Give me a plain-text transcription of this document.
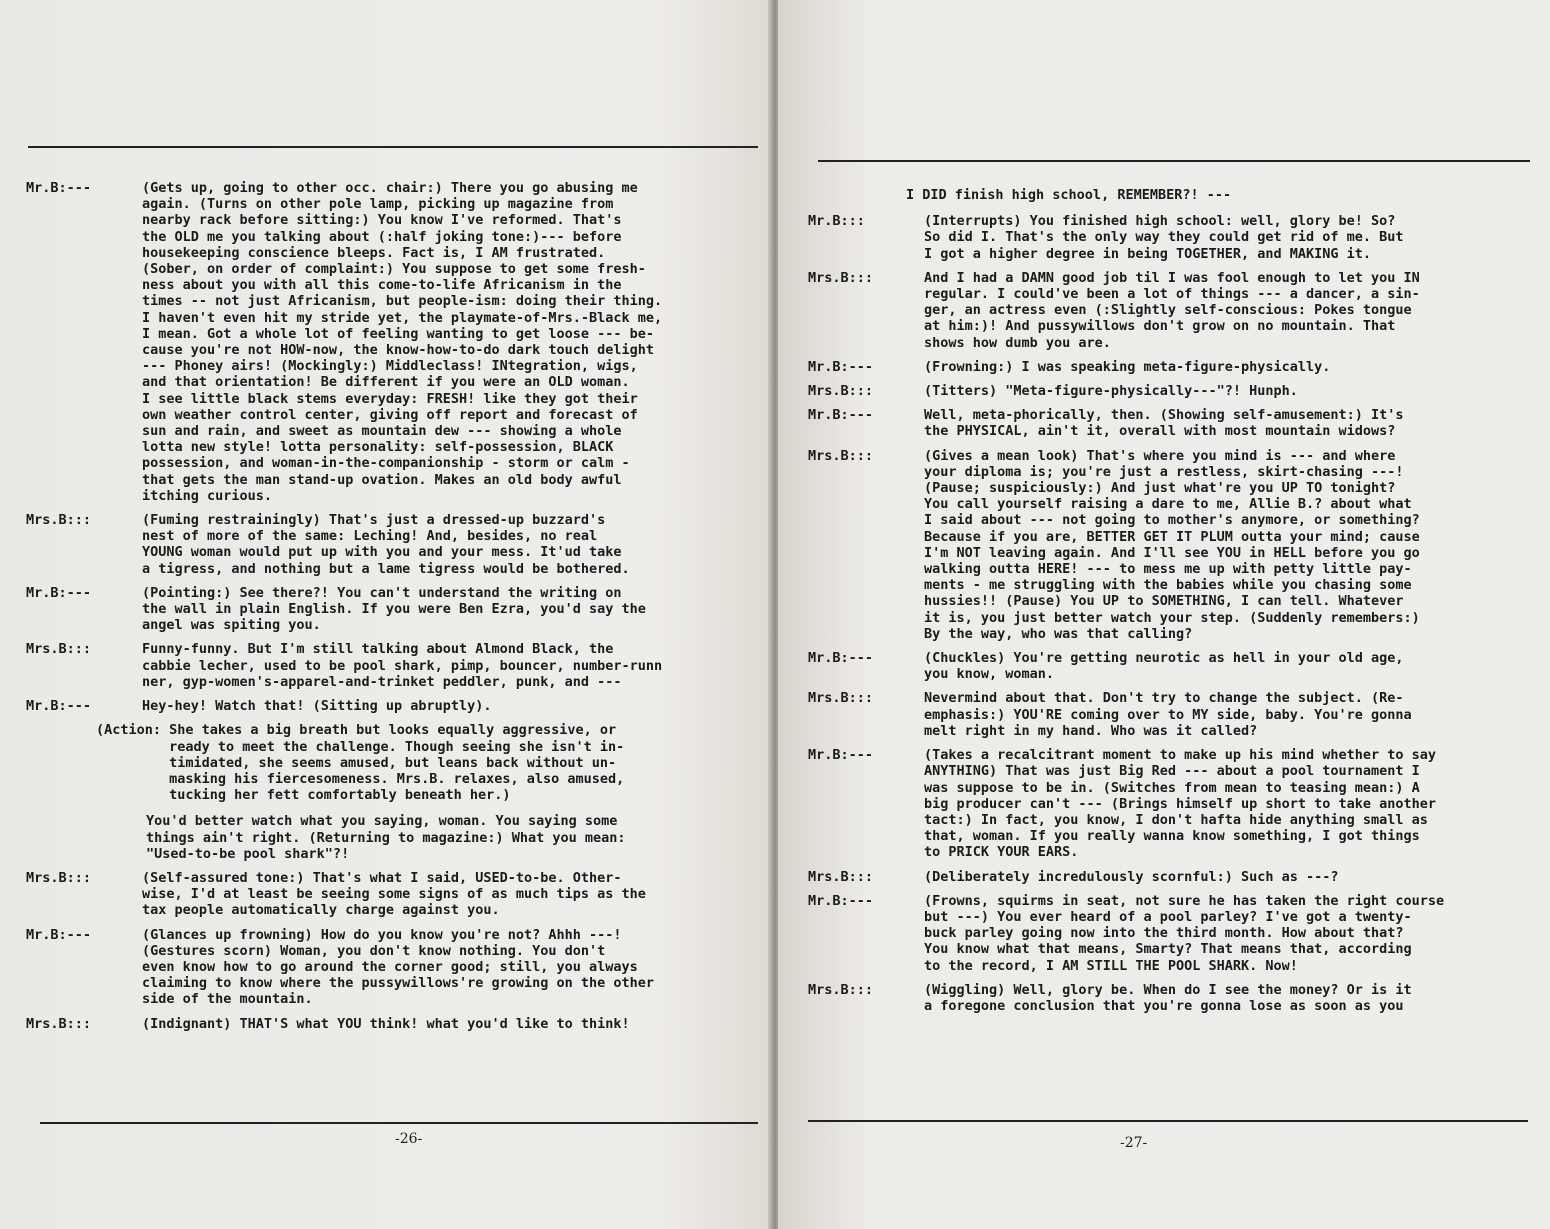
Mr.B:---	(Gets up, going to other occ. chair:) There you go abusing me
again. (Turns on other pole lamp, picking up magazine from
nearby rack before sitting:) You know I've reformed. That's
the OLD me you talking about (:half joking tone:)--- before
housekeeping conscience bleeps. Fact is, I AM frustrated.
(Sober, on order of complaint:) You suppose to get some fresh-
ness about you with all this come-to-life Africanism in the
times -- not just Africanism, but people-ism: doing their thing.
I haven't even hit my stride yet, the playmate-of-Mrs.-Black me,
I mean. Got a whole lot of feeling wanting to get loose --- be-
cause you're not HOW-now, the know-how-to-do dark touch delight
--- Phoney airs! (Mockingly:) Middleclass! INtegration, wigs,
and that orientation! Be different if you were an OLD woman.
I see little black stems everyday: FRESH! like they got their
own weather control center, giving off report and forecast of
sun and rain, and sweet as mountain dew --- showing a whole
lotta new style! lotta personality: self-possession, BLACK
possession, and woman-in-the-companionship - storm or calm -
that gets the man stand-up ovation. Makes an old body awful
itching curious.
Mrs.B:::	(Fuming restrainingly) That's just a dressed-up buzzard's
nest of more of the same: Leching! And, besides, no real
YOUNG woman would put up with you and your mess. It'ud take
a tigress, and nothing but a lame tigress would be bothered.
Mr.B:---	(Pointing:) See there?! You can't understand the writing on
the wall in plain English. If you were Ben Ezra, you'd say the
angel was spiting you.
Mrs.B:::	Funny-funny. But I'm still talking about Almond Black, the
cabbie lecher, used to be pool shark, pimp, bouncer, number-runn
ner, gyp-women's-apparel-and-trinket peddler, punk, and ---
Mr.B:---	Hey-hey! Watch that! (Sitting up abruptly).
(Action: She takes a big breath but looks equally aggressive, or
ready to meet the challenge. Though seeing she isn't in-
timidated, she seems amused, but leans back without un-
masking his fiercesomeness. Mrs.B. relaxes, also amused,
tucking her fett comfortably beneath her.)
You'd better watch what you saying, woman. You saying some
things ain't right. (Returning to magazine:) What you mean:
"Used-to-be pool shark"?!
Mrs.B:::	(Self-assured tone:) That's what I said, USED-to-be. Other-
wise, I'd at least be seeing some signs of as much tips as the
tax people automatically charge against you.
Mr.B:---	(Glances up frowning) How do you know you're not? Ahhh ---!
(Gestures scorn) Woman, you don't know nothing. You don't
even know how to go around the corner good; still, you always
claiming to know where the pussywillows're growing on the other
side of the mountain.
Mrs.B:::	(Indignant) THAT'S what YOU think! what you'd like to think!
-26-
I DID finish high school, REMEMBER?! ---
Mr.B:::	(Interrupts) You finished high school: well, glory be! So?
So did I. That's the only way they could get rid of me. But
I got a higher degree in being TOGETHER, and MAKING it.
Mrs.B:::	And I had a DAMN good job til I was fool enough to let you IN
regular. I could've been a lot of things --- a dancer, a sin-
ger, an actress even (:Slightly self-conscious: Pokes tongue
at him:)! And pussywillows don't grow on no mountain. That
shows how dumb you are.
Mr.B:---	(Frowning:) I was speaking meta-figure-physically.
Mrs.B:::	(Titters) "Meta-figure-physically---"?! Hunph.
Mr.B:---	Well, meta-phorically, then. (Showing self-amusement:) It's
the PHYSICAL, ain't it, overall with most mountain widows?
Mrs.B:::	(Gives a mean look) That's where you mind is --- and where
your diploma is; you're just a restless, skirt-chasing ---!
(Pause; suspiciously:) And just what're you UP TO tonight?
You call yourself raising a dare to me, Allie B.? about what
I said about --- not going to mother's anymore, or something?
Because if you are, BETTER GET IT PLUM outta your mind; cause
I'm NOT leaving again. And I'll see YOU in HELL before you go
walking outta HERE! --- to mess me up with petty little pay-
ments - me struggling with the babies while you chasing some
hussies!! (Pause) You UP to SOMETHING, I can tell. Whatever
it is, you just better watch your step. (Suddenly remembers:)
By the way, who was that calling?
Mr.B:---	(Chuckles) You're getting neurotic as hell in your old age,
you know, woman.
Mrs.B:::	Nevermind about that. Don't try to change the subject. (Re-
emphasis:) YOU'RE coming over to MY side, baby. You're gonna
melt right in my hand. Who was it called?
Mr.B:---	(Takes a recalcitrant moment to make up his mind whether to say
ANYTHING) That was just Big Red --- about a pool tournament I
was suppose to be in. (Switches from mean to teasing mean:) A
big producer can't --- (Brings himself up short to take another
tact:) In fact, you know, I don't hafta hide anything small as
that, woman. If you really wanna know something, I got things
to PRICK YOUR EARS.
Mrs.B:::	(Deliberately incredulously scornful:) Such as ---?
Mr.B:---	(Frowns, squirms in seat, not sure he has taken the right course
but ---) You ever heard of a pool parley? I've got a twenty-
buck parley going now into the third month. How about that?
You know what that means, Smarty? That means that, according
to the record, I AM STILL THE POOL SHARK. Now!
Mrs.B:::	(Wiggling) Well, glory be. When do I see the money? Or is it
a foregone conclusion that you're gonna lose as soon as you
-27-
